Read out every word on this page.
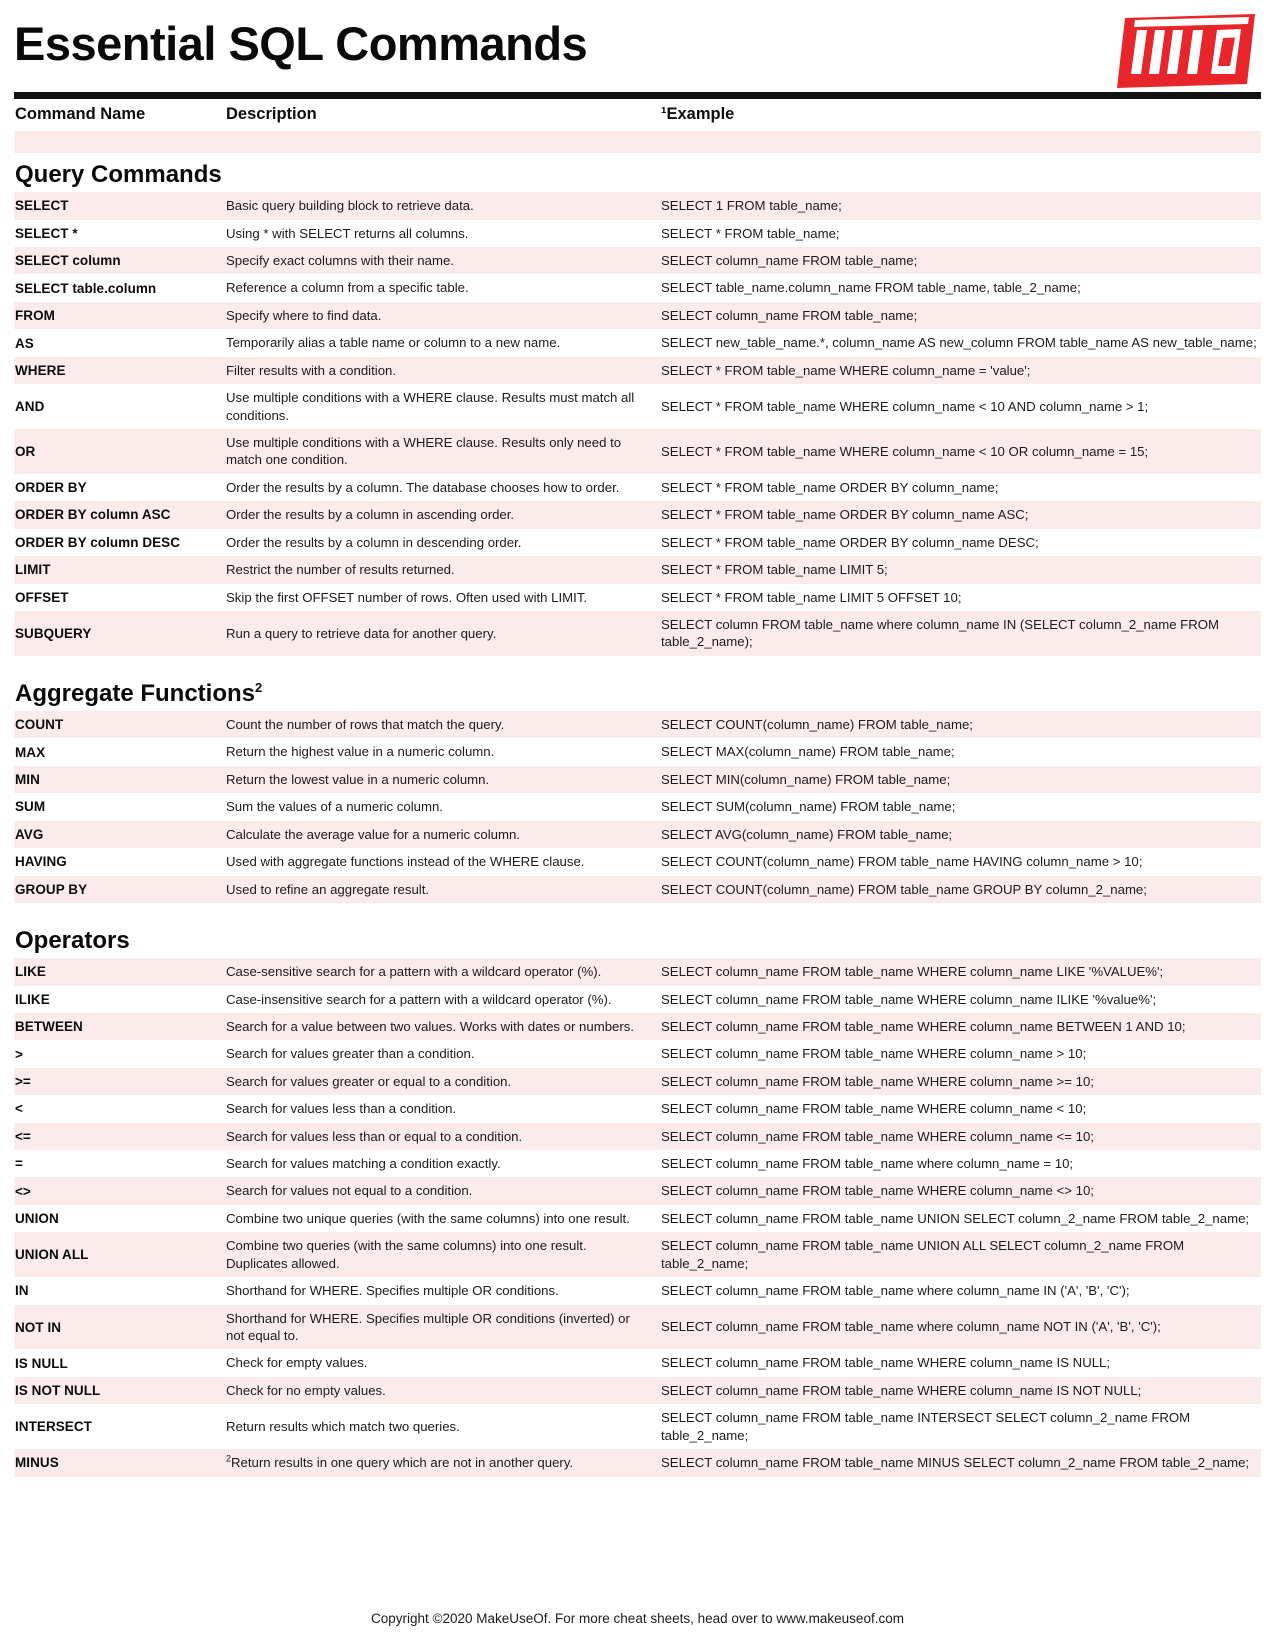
Essential SQL Commands
Command Name	Description	¹Example

Query Commands		

SELECT	Basic query building block to retrieve data.	SELECT 1 FROM table_name;
SELECT *	Using * with SELECT returns all columns.	SELECT * FROM table_name;
SELECT column	Specify exact columns with their name.	SELECT column_name FROM table_name;
SELECT table.column	Reference a column from a specific table.	SELECT table_name.column_name FROM table_name, table_2_name;
FROM	Specify where to find data.	SELECT column_name FROM table_name;
AS	Temporarily alias a table name or column to a new name.	SELECT new_table_name.*, column_name AS new_column FROM table_name AS new_table_name;
WHERE	Filter results with a condition.	SELECT * FROM table_name WHERE column_name = 'value';
AND	Use multiple conditions with a WHERE clause. Results must match all conditions.	SELECT * FROM table_name WHERE column_name < 10 AND column_name > 1;
OR	Use multiple conditions with a WHERE clause. Results only need to match one condition.	SELECT * FROM table_name WHERE column_name < 10 OR column_name = 15;
ORDER BY	Order the results by a column. The database chooses how to order.	SELECT * FROM table_name ORDER BY column_name;
ORDER BY column ASC	Order the results by a column in ascending order.	SELECT * FROM table_name ORDER BY column_name ASC;
ORDER BY column DESC	Order the results by a column in descending order.	SELECT * FROM table_name ORDER BY column_name DESC;
LIMIT	Restrict the number of results returned.	SELECT * FROM table_name LIMIT 5;
OFFSET	Skip the first OFFSET number of rows. Often used with LIMIT.	SELECT * FROM table_name LIMIT 5 OFFSET 10;
SUBQUERY	Run a query to retrieve data for another query.	SELECT column FROM table_name where column_name IN (SELECT column_2_name FROM table_2_name);

Aggregate Functions$^2$

COUNT	Count the number of rows that match the query.	SELECT COUNT(column_name) FROM table_name;
MAX	Return the highest value in a numeric column.	SELECT MAX(column_name) FROM table_name;
MIN	Return the lowest value in a numeric column.	SELECT MIN(column_name) FROM table_name;
SUM	Sum the values of a numeric column.	SELECT SUM(column_name) FROM table_name;
AVG	Calculate the average value for a numeric column.	SELECT AVG(column_name) FROM table_name;
HAVING	Used with aggregate functions instead of the WHERE clause.	SELECT COUNT(column_name) FROM table_name HAVING column_name > 10;
GROUP BY	Used to refine an aggregate result.	SELECT COUNT(column_name) FROM table_name GROUP BY column_2_name;

Operators		

LIKE	Case-sensitive search for a pattern with a wildcard operator (%).	SELECT column_name FROM table_name WHERE column_name LIKE '%VALUE%';
ILIKE	Case-insensitive search for a pattern with a wildcard operator (%).	SELECT column_name FROM table_name WHERE column_name ILIKE '%value%';
BETWEEN	Search for a value between two values. Works with dates or numbers.	SELECT column_name FROM table_name WHERE column_name BETWEEN 1 AND 10;
>	Search for values greater than a condition.	SELECT column_name FROM table_name WHERE column_name > 10;
>=	Search for values greater or equal to a condition.	SELECT column_name FROM table_name WHERE column_name >= 10;
<	Search for values less than a condition.	SELECT column_name FROM table_name WHERE column_name < 10;
<=	Search for values less than or equal to a condition.	SELECT column_name FROM table_name WHERE column_name <= 10;
=	Search for values matching a condition exactly.	SELECT column_name FROM table_name where column_name = 10;
<>	Search for values not equal to a condition.	SELECT column_name FROM table_name WHERE column_name <> 10;
UNION	Combine two unique queries (with the same columns) into one result.	SELECT column_name FROM table_name UNION SELECT column_2_name FROM table_2_name;
UNION ALL	Combine two queries (with the same columns) into one result. Duplicates allowed.	SELECT column_name FROM table_name UNION ALL SELECT column_2_name FROM table_2_name;
IN	Shorthand for WHERE. Specifies multiple OR conditions.	SELECT column_name FROM table_name where column_name IN ('A', 'B', 'C');
NOT IN	Shorthand for WHERE. Specifies multiple OR conditions (inverted) or not equal to.	SELECT column_name FROM table_name where column_name NOT IN ('A', 'B', 'C');
IS NULL	Check for empty values.	SELECT column_name FROM table_name WHERE column_name IS NULL;
IS NOT NULL	Check for no empty values.	SELECT column_name FROM table_name WHERE column_name IS NOT NULL;
INTERSECT	Return results which match two queries.	SELECT column_name FROM table_name INTERSECT SELECT column_2_name FROM table_2_name;
MINUS	$^2$Return results in one query which are not in another query.	SELECT column_name FROM table_name MINUS SELECT column_2_name FROM table_2_name;
Copyright ©2020 MakeUseOf. For more cheat sheets, head over to www.makeuseof.com
